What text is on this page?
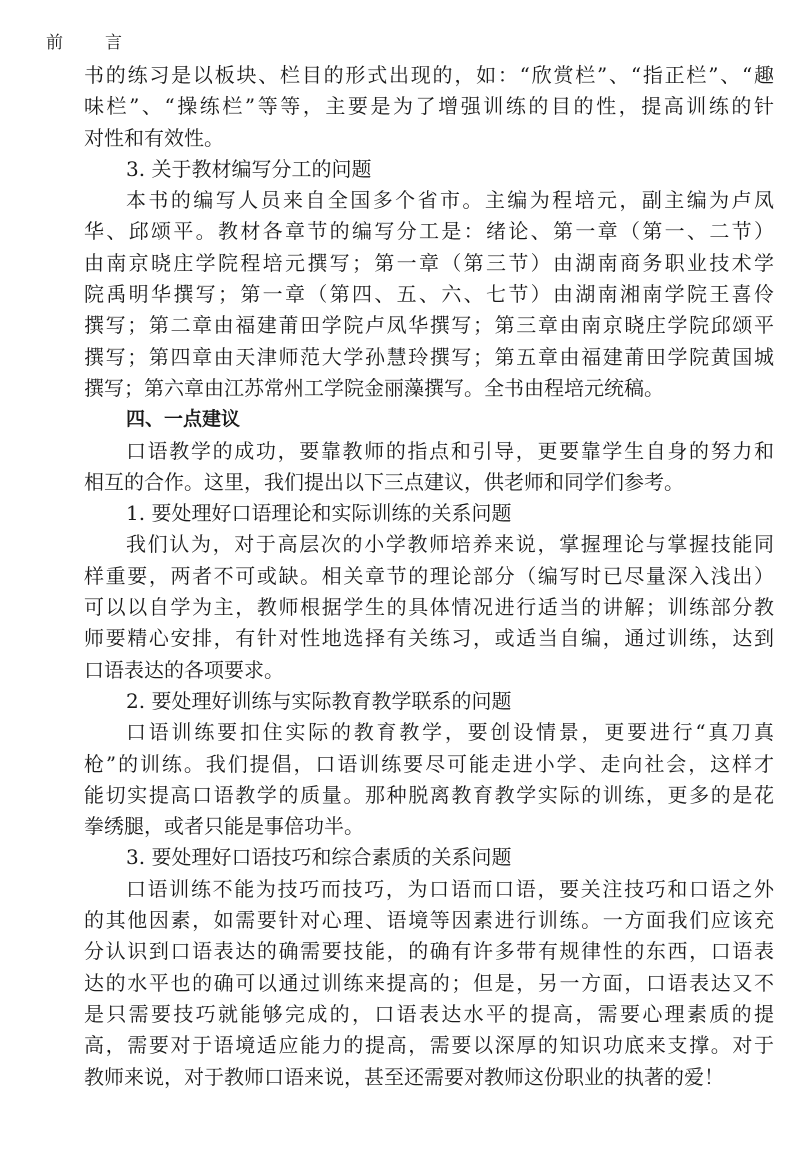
前 言
书的练习是以板块、栏目的形式出现的，如：“欣赏栏”、“指正栏”、“趣
味栏”、“操练栏”等等，主要是为了增强训练的目的性，提高训练的针
对性和有效性。
3. 关于教材编写分工的问题
本书的编写人员来自全国多个省市。主编为程培元，副主编为卢凤
华、邱颂平。教材各章节的编写分工是：绪论、第一章（第一、二节）
由南京晓庄学院程培元撰写；第一章（第三节）由湖南商务职业技术学
院禹明华撰写；第一章（第四、五、六、七节）由湖南湘南学院王喜伶
撰写；第二章由福建莆田学院卢凤华撰写；第三章由南京晓庄学院邱颂平
撰写；第四章由天津师范大学孙慧玲撰写；第五章由福建莆田学院黄国城
撰写；第六章由江苏常州工学院金丽藻撰写。全书由程培元统稿。
四、一点建议
口语教学的成功，要靠教师的指点和引导，更要靠学生自身的努力和
相互的合作。这里，我们提出以下三点建议，供老师和同学们参考。
1. 要处理好口语理论和实际训练的关系问题
我们认为，对于高层次的小学教师培养来说，掌握理论与掌握技能同
样重要，两者不可或缺。相关章节的理论部分（编写时已尽量深入浅出）
可以以自学为主，教师根据学生的具体情况进行适当的讲解；训练部分教
师要精心安排，有针对性地选择有关练习，或适当自编，通过训练，达到
口语表达的各项要求。
2. 要处理好训练与实际教育教学联系的问题
口语训练要扣住实际的教育教学，要创设情景，更要进行“真刀真
枪”的训练。我们提倡，口语训练要尽可能走进小学、走向社会，这样才
能切实提高口语教学的质量。那种脱离教育教学实际的训练，更多的是花
拳绣腿，或者只能是事倍功半。
3. 要处理好口语技巧和综合素质的关系问题
口语训练不能为技巧而技巧，为口语而口语，要关注技巧和口语之外
的其他因素，如需要针对心理、语境等因素进行训练。一方面我们应该充
分认识到口语表达的确需要技能，的确有许多带有规律性的东西，口语表
达的水平也的确可以通过训练来提高的；但是，另一方面，口语表达又不
是只需要技巧就能够完成的，口语表达水平的提高，需要心理素质的提
高，需要对于语境适应能力的提高，需要以深厚的知识功底来支撑。对于
教师来说，对于教师口语来说，甚至还需要对教师这份职业的执著的爱！
